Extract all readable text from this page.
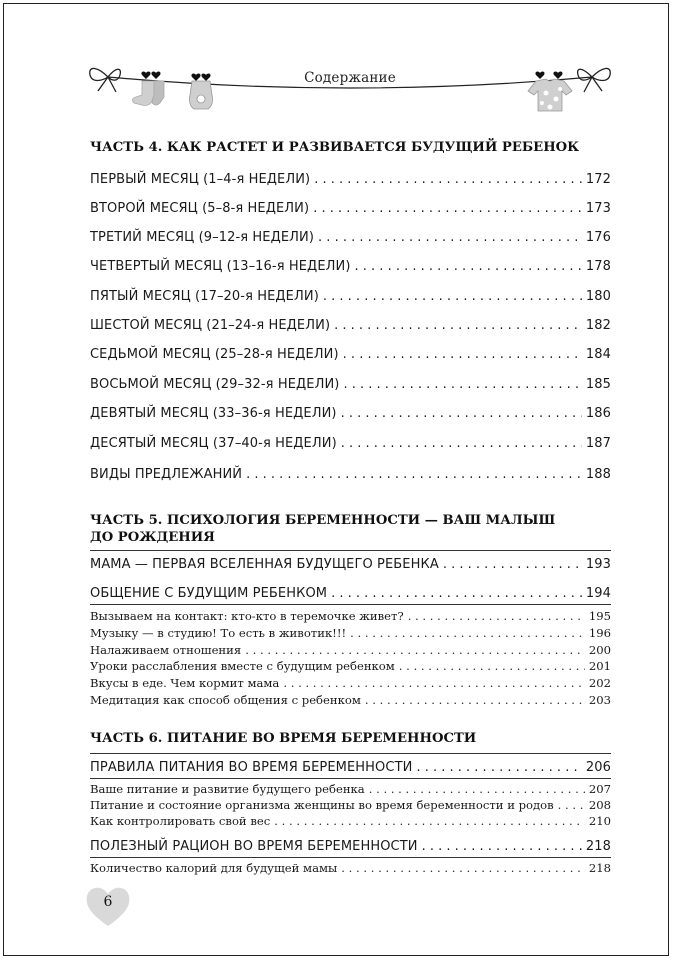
Содержание
ЧАСТЬ 4. КАК РАСТЕТ И РАЗВИВАЕТСЯ БУДУЩИЙ РЕБЕНОК
ПЕРВЫЙ МЕСЯЦ (1–4-я НЕДЕЛИ) . . .	172
ВТОРОЙ МЕСЯЦ (5–8-я НЕДЕЛИ) . . .	173
ТРЕТИЙ МЕСЯЦ (9–12-я НЕДЕЛИ) . . .	176
ЧЕТВЕРТЫЙ МЕСЯЦ (13–16-я НЕДЕЛИ) . . .	178
ПЯТЫЙ МЕСЯЦ (17–20-я НЕДЕЛИ) . . .	180
ШЕСТОЙ МЕСЯЦ (21–24-я НЕДЕЛИ) . . .	182
СЕДЬМОЙ МЕСЯЦ (25–28-я НЕДЕЛИ) . . .	184
ВОСЬМОЙ МЕСЯЦ (29–32-я НЕДЕЛИ) . . .	185
ДЕВЯТЫЙ МЕСЯЦ (33–36-я НЕДЕЛИ) . . .	186
ДЕСЯТЫЙ МЕСЯЦ (37–40-я НЕДЕЛИ) . . .	187
ВИДЫ ПРЕДЛЕЖАНИЙ . . .	188
ЧАСТЬ 5. ПСИХОЛОГИЯ БЕРЕМЕННОСТИ — ВАШ МАЛЫШ
ДО РОЖДЕНИЯ
МАМА — ПЕРВАЯ ВСЕЛЕННАЯ БУДУЩЕГО РЕБЕНКА . . .	193
ОБЩЕНИЕ С БУДУЩИМ РЕБЕНКОМ . . .	194
Вызываем на контакт: кто-кто в теремочке живет? . . .	195
Музыку — в студию! То есть в животик!!! . . .	196
Налаживаем отношения . . .	200
Уроки расслабления вместе с будущим ребенком . . .	201
Вкусы в еде. Чем кормит мама . . .	202
Медитация как способ общения с ребенком . . .	203
ЧАСТЬ 6. ПИТАНИЕ ВО ВРЕМЯ БЕРЕМЕННОСТИ
ПРАВИЛА ПИТАНИЯ ВО ВРЕМЯ БЕРЕМЕННОСТИ . . .	206
Ваше питание и развитие будущего ребенка . . .	207
Питание и состояние организма женщины во время беременности и родов . . .	208
Как контролировать свой вес . . .	210
ПОЛЕЗНЫЙ РАЦИОН ВО ВРЕМЯ БЕРЕМЕННОСТИ . . .	218
Количество калорий для будущей мамы . . .	218
6
